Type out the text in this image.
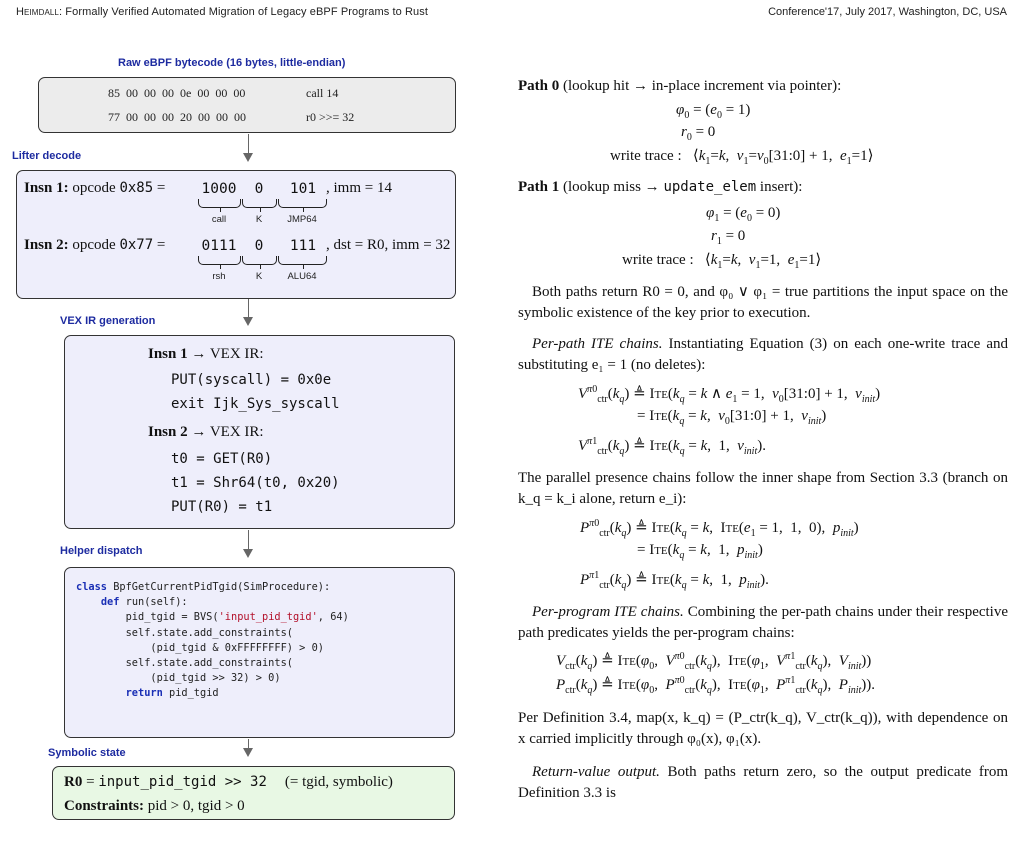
Heimdall: Formally Verified Automated Migration of Legacy eBPF Programs to Rust	Conference'17, July 2017, Washington, DC, USA
Raw eBPF bytecode (16 bytes, little-endian)
85  00  00  00  0e  00  00  00	call 14
77  00  00  00  20  00  00  00	r0 >>= 32
Lifter decode
Insn 1: opcode 0x85 = 1000	0	101 , imm = 14
call	K	JMP64
Insn 2: opcode 0x77 = 0111	0	111 , dst = R0, imm = 32
rsh	K	ALU64
VEX IR generation
Insn 1 → VEX IR:
PUT(syscall) = 0x0e
exit Ijk_Sys_syscall
Insn 2 → VEX IR:
t0 = GET(R0)
t1 = Shr64(t0, 0x20)
PUT(R0) = t1
Helper dispatch
class BpfGetCurrentPidTgid(SimProcedure):
def run(self):
pid_tgid = BVS('input_pid_tgid', 64)
self.state.add_constraints(
(pid_tgid & 0xFFFFFFFF) > 0)
self.state.add_constraints(
(pid_tgid >> 32) > 0)
return pid_tgid
Symbolic state
R0 = input_pid_tgid >> 32 (= tgid, symbolic)
Constraints: pid > 0, tgid > 0
Path 0 (lookup hit → in-place increment via pointer):
$\varphi_0 = (e_0 = 1)$
$r_0 = 0$
write trace :   $⟨k_1=k$,  $v_1=v_0[31:0] + 1$,  $e_1=1⟩$
Path 1 (lookup miss → update_elem insert):
$\varphi_1 = (e_0 = 0)$
$r_1 = 0$
write trace :   $⟨k_1=k$,  $v_1=1$,  $e_1=1⟩$
Both paths return R0 = 0, and φ₀ ∨ φ₁ = true partitions the input space on the symbolic existence of the key prior to execution.
Per-path ITE chains. Instantiating Equation (3) on each one-write trace and substituting e₁ = 1 (no deletes):
$V^{\pi 0}_{ctr}(k_q)$ ≜ $Ite(k_q = k$ ∧ $e_1 = 1$,  $v_0[31:0] + 1$,  $v_{init}$)
= $Ite(k_q = k$,  $v_0[31:0] + 1$,  $v_{init}$)
$V^{\pi 1}_{ctr}(k_q)$ ≜ $Ite(k_q = k$,  1,  $v_{init}$).
The parallel presence chains follow the inner shape from Section 3.3 (branch on k_q = k_i alone, return e_i):
$P^{\pi 0}_{ctr}(k_q)$ ≜ $Ite(k_q = k$,  $Ite(e_1 = 1$,  1,  0),  $p_{init}$)
= $Ite(k_q = k$,  1,  $p_{init}$)
$P^{\pi 1}_{ctr}(k_q)$ ≜ $Ite(k_q = k$,  1,  $p_{init}$).
Per-program ITE chains. Combining the per-path chains under their respective path predicates yields the per-program chains:
$V_{ctr}(k_q)$ ≜ $Ite(\varphi_0$,  $V^{\pi 0}_{ctr}(k_q)$,  $Ite(\varphi_1$,  $V^{\pi 1}_{ctr}(k_q)$,  $V_{init}$))
$P_{ctr}(k_q)$ ≜ $Ite(\varphi_0$,  $P^{\pi 0}_{ctr}(k_q)$,  $Ite(\varphi_1$,  $P^{\pi 1}_{ctr}(k_q)$,  $P_{init}$)).
Per Definition 3.4, map(x, k_q) = (P_ctr(k_q), V_ctr(k_q)), with dependence on x carried implicitly through φ₀(x), φ₁(x).
Return-value output. Both paths return zero, so the output predicate from Definition 3.3 is
